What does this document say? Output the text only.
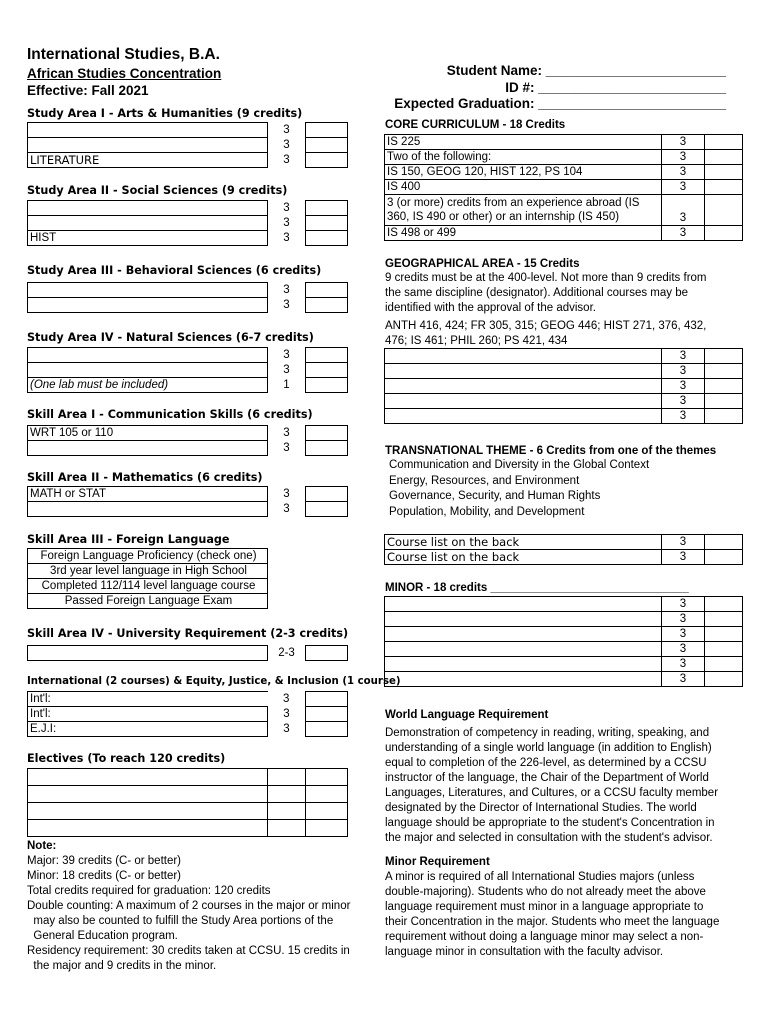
International Studies, B.A.
African Studies Concentration
Effective: Fall 2021
Student Name: ________________________
ID #: _________________________
Expected Graduation: _________________________
Study Area I - Arts & Humanities (9 credits)
	3	
	3	
LITERATURE	3	
Study Area II - Social Sciences (9 credits)
	3	
	3	
HIST	3	
Study Area III - Behavioral Sciences (6 credits)
	3	
	3	
Study Area IV - Natural Sciences (6-7 credits)
	3	
	3	
(One lab must be included)	1	
Skill Area I - Communication Skills (6 credits)
WRT 105 or 110	3	
	3	
Skill Area II - Mathematics (6 credits)
MATH or STAT	3	
	3	
Skill Area III - Foreign Language
Foreign Language Proficiency (check one)
3rd year level language in High School
Completed 112/114 level language course
Passed Foreign Language Exam
Skill Area IV - University Requirement (2-3 credits)
	2-3	
International (2 courses) & Equity, Justice, & Inclusion (1 course)
Int'l:	3	
Int'l:	3	
E.J.I:	3	
Electives (To reach 120 credits)

Note:
Major: 39 credits (C- or better)
Minor: 18 credits (C- or better)
Total credits required for graduation: 120 credits
Double counting: A maximum of 2 courses in the major or minor
may also be counted to fulfill the Study Area portions of the
General Education program.
Residency requirement: 30 credits taken at CCSU. 15 credits in
the major and 9 credits in the minor.
CORE CURRICULUM - 18 Credits
IS 225	3	
Two of the following:	3	
IS 150, GEOG 120, HIST 122, PS 104	3	
IS 400	3	

3 (or more) credits from an experience abroad (IS
360, IS 490 or other) or an internship (IS 450)	3	
IS 498 or 499	3	
GEOGRAPHICAL AREA - 15 Credits
9 credits must be at the 400-level. Not more than 9 credits from
the same discipline (designator). Additional courses may be
identified with the approval of the advisor.
ANTH 416, 424; FR 305, 315; GEOG 446; HIST 271, 376, 432,
476; IS 461; PHIL 260; PS 421, 434
	3	
	3	
	3	
	3	
	3	
TRANSNATIONAL THEME - 6 Credits from one of the themes
Communication and Diversity in the Global Context
Energy, Resources, and Environment
Governance, Security, and Human Rights
Population, Mobility, and Development
Course list on the back	3	
Course list on the back	3	
MINOR - 18 credits _______________________________
	3	
	3	
	3	
	3	
	3	
	3	
World Language Requirement
Demonstration of competency in reading, writing, speaking, and
understanding of a single world language (in addition to English)
equal to completion of the 226-level, as determined by a CCSU
instructor of the language, the Chair of the Department of World
Languages, Literatures, and Cultures, or a CCSU faculty member
designated by the Director of International Studies. The world
language should be appropriate to the student's Concentration in
the major and selected in consultation with the student's advisor.
Minor Requirement
A minor is required of all International Studies majors (unless
double-majoring). Students who do not already meet the above
language requirement must minor in a language appropriate to
their Concentration in the major. Students who meet the language
requirement without doing a language minor may select a non-
language minor in consultation with the faculty advisor.
